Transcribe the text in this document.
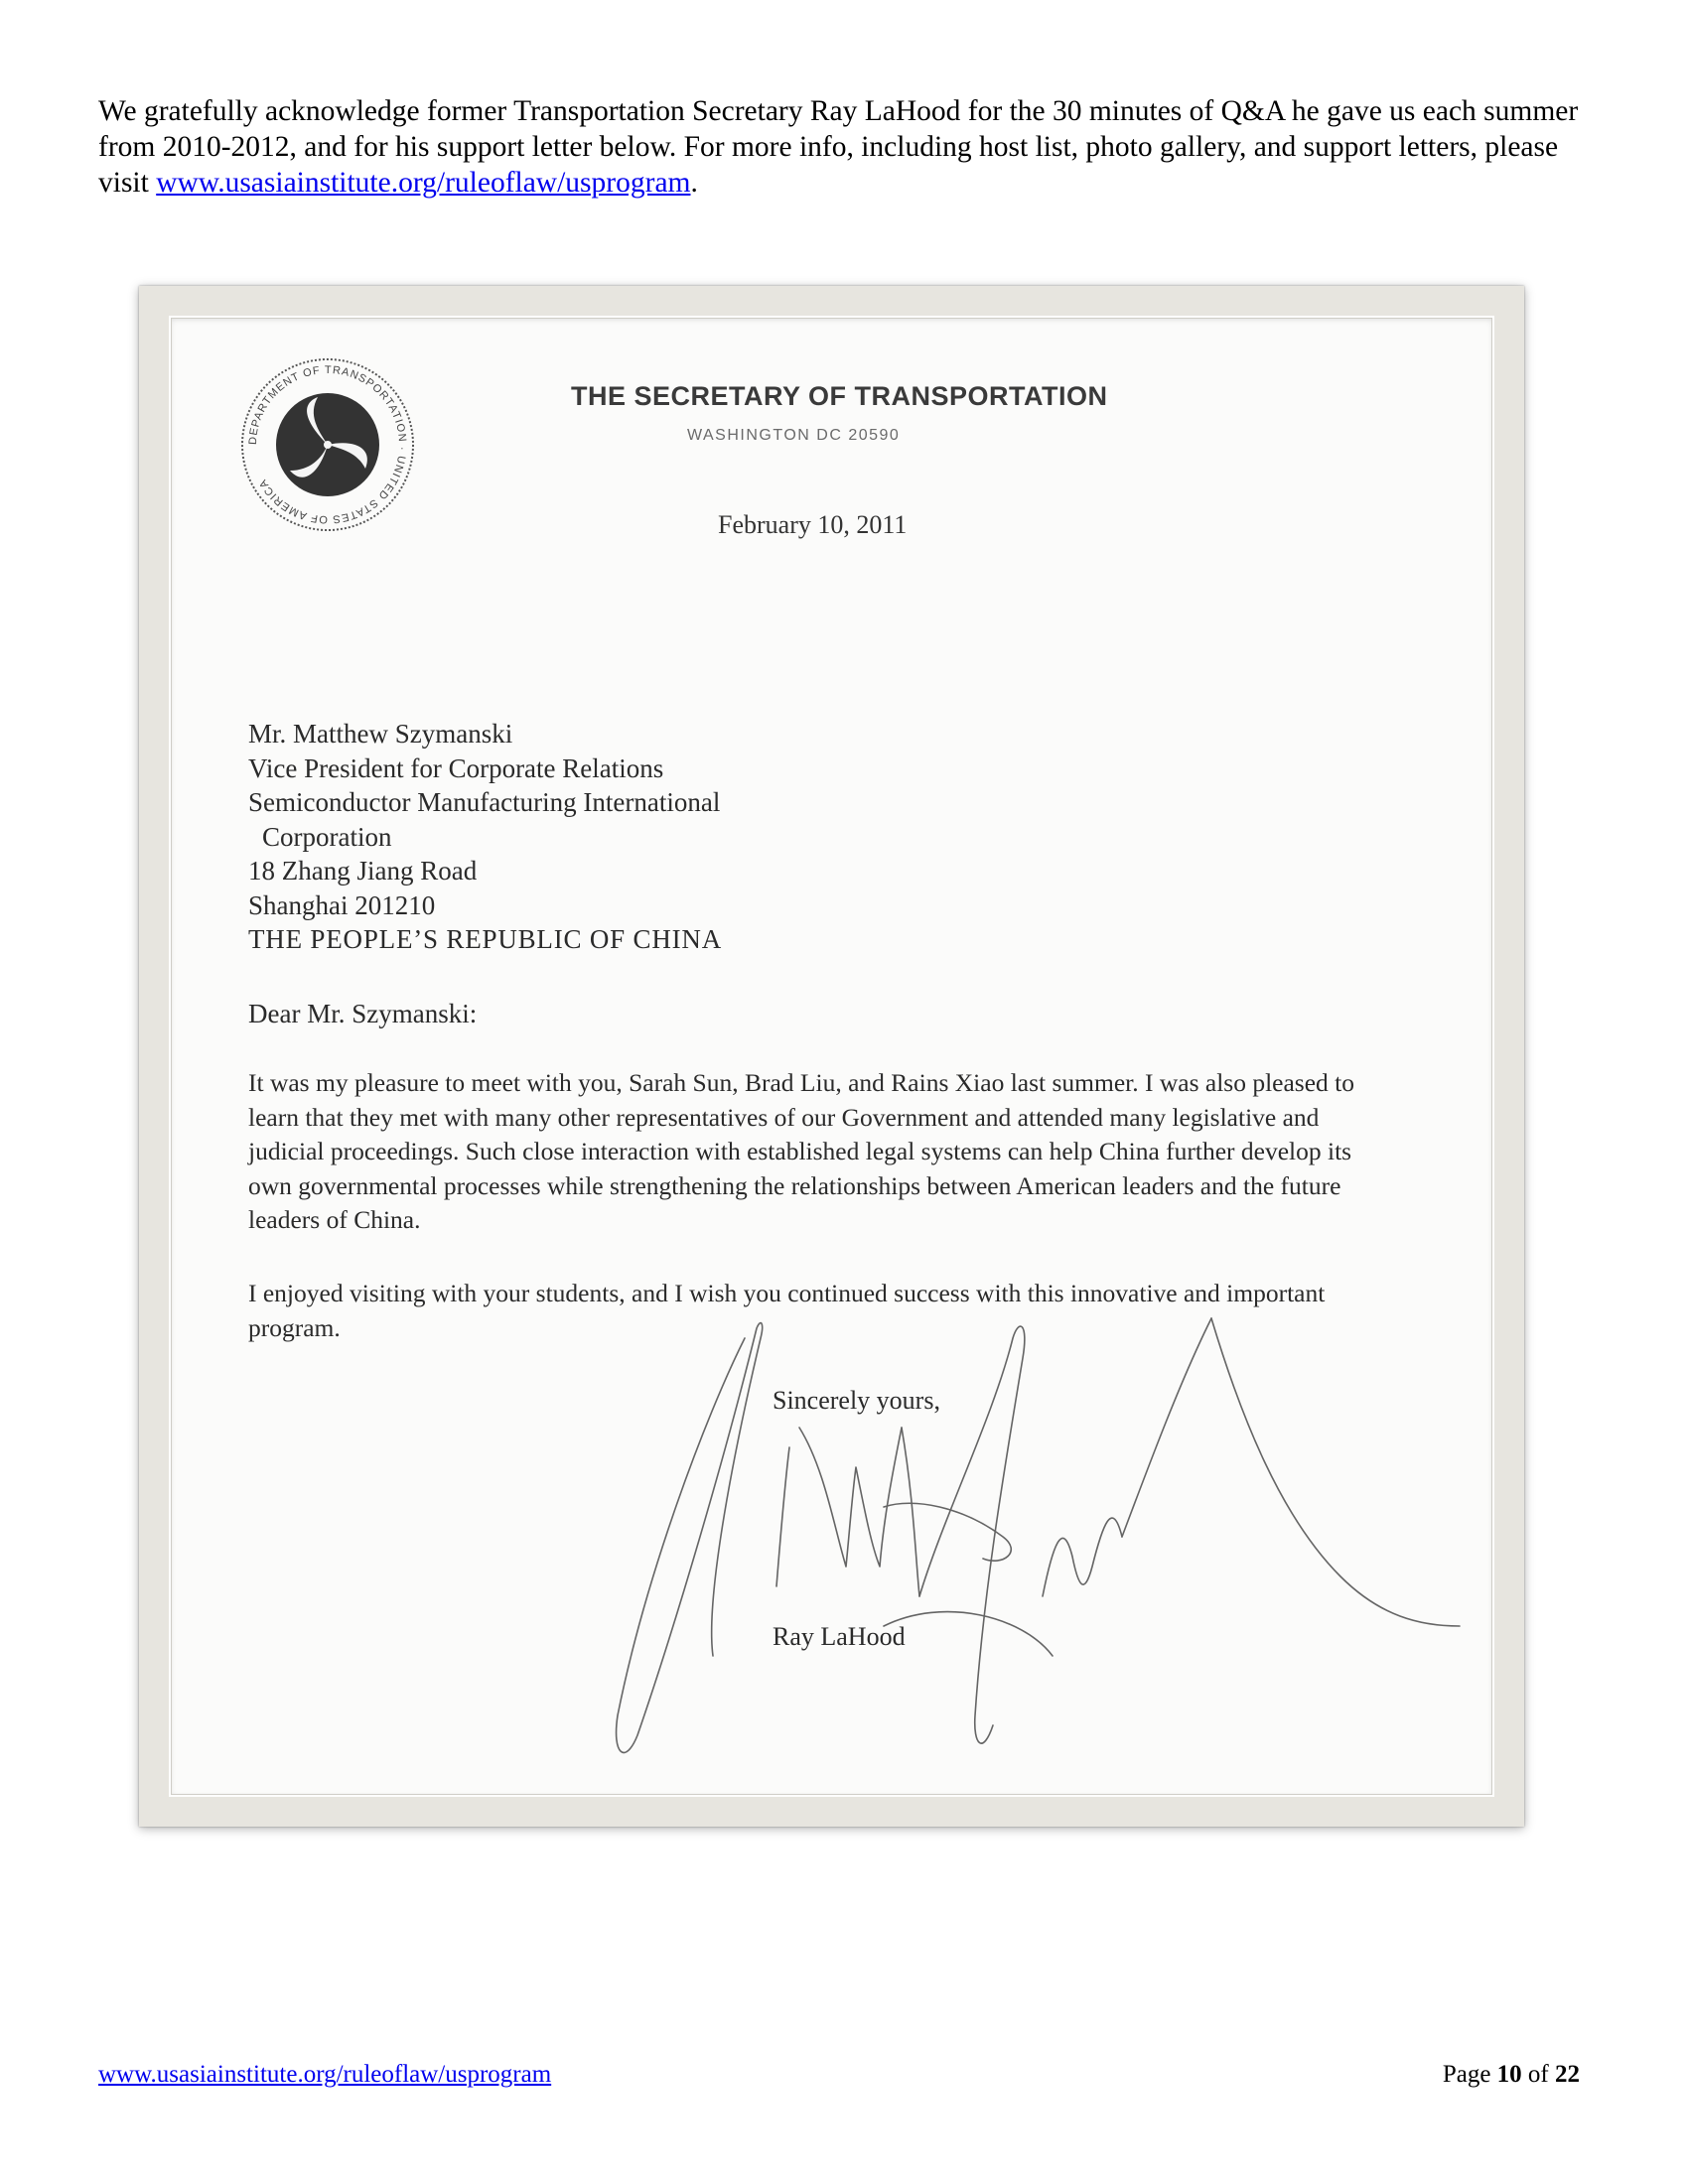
We gratefully acknowledge former Transportation Secretary Ray LaHood for the 30 minutes of Q&A he gave us each summer from 2010-2012, and for his support letter below. For more info, including host list, photo gallery, and support letters, please visit www.usasiainstitute.org/ruleoflaw/usprogram.

DEPARTMENT OF TRANSPORTATION · UNITED STATES OF AMERICA
THE SECRETARY OF TRANSPORTATION
WASHINGTON DC 20590
February 10, 2011
Mr. Matthew Szymanski
Vice President for Corporate Relations
Semiconductor Manufacturing International
Corporation
18 Zhang Jiang Road
Shanghai 201210
THE PEOPLE’S REPUBLIC OF CHINA
Dear Mr. Szymanski:

It was my pleasure to meet with you, Sarah Sun, Brad Liu, and Rains Xiao last summer. I was also pleased to learn that they met with many other representatives of our Government and attended many legislative and judicial proceedings. Such close interaction with established legal systems can help China further develop its own governmental processes while strengthening the relationships between American leaders and the future leaders of China.

I enjoyed visiting with your students, and I wish you continued success with this innovative and important program.

Sincerely yours,
Ray LaHood
www.usasiainstitute.org/ruleoflaw/usprogram	Page 10 of 22
